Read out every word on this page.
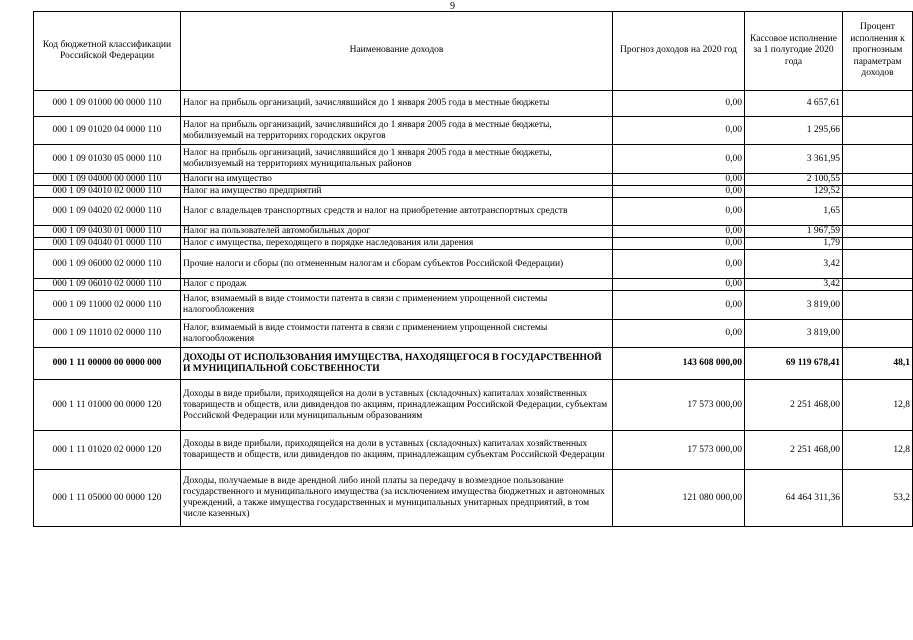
9
Код бюджетной классификации Российской Федерации	Наименование доходов	Прогноз доходов на 2020 год	Кассовое исполнение за 1 полугодие 2020 года	Процент исполнения к прогнозным параметрам доходов
000 1 09 01000 00 0000 110	Налог на прибыль организаций, зачислявшийся до 1 января 2005 года в местные бюджеты	0,00	4 657,61	
000 1 09 01020 04 0000 110	Налог на прибыль организаций, зачислявшийся до 1 января 2005 года в местные бюджеты, мобилизуемый на территориях городских округов	0,00	1 295,66	
000 1 09 01030 05 0000 110	Налог на прибыль организаций, зачислявшийся до 1 января 2005 года в местные бюджеты, мобилизуемый на территориях муниципальных районов	0,00	3 361,95	
000 1 09 04000 00 0000 110	Налоги на имущество	0,00	2 100,55	
000 1 09 04010 02 0000 110	Налог на имущество предприятий	0,00	129,52	
000 1 09 04020 02 0000 110	Налог с владельцев транспортных средств и налог на приобретение автотранспортных средств	0,00	1,65	
000 1 09 04030 01 0000 110	Налог на пользователей автомобильных дорог	0,00	1 967,59	
000 1 09 04040 01 0000 110	Налог с имущества, переходящего в порядке наследования или дарения	0,00	1,79	
000 1 09 06000 02 0000 110	Прочие налоги и сборы (по отмененным налогам и сборам субъектов Российской Федерации)	0,00	3,42	
000 1 09 06010 02 0000 110	Налог с продаж	0,00	3,42	
000 1 09 11000 02 0000 110	Налог, взимаемый в виде стоимости патента в связи с применением упрощенной системы налогообложения	0,00	3 819,00	
000 1 09 11010 02 0000 110	Налог, взимаемый в виде стоимости патента в связи с применением упрощенной системы налогообложения	0,00	3 819,00	
000 1 11 00000 00 0000 000	ДОХОДЫ ОТ ИСПОЛЬЗОВАНИЯ ИМУЩЕСТВА, НАХОДЯЩЕГОСЯ В ГОСУДАРСТВЕННОЙ И МУНИЦИПАЛЬНОЙ СОБСТВЕННОСТИ	143 608 000,00	69 119 678,41	48,1
000 1 11 01000 00 0000 120	Доходы в виде прибыли, приходящейся на доли в уставных (складочных) капиталах хозяйственных товариществ и обществ, или дивидендов по акциям, принадлежащим Российской Федерации, субъектам Российской Федерации или муниципальным образованиям	17 573 000,00	2 251 468,00	12,8
000 1 11 01020 02 0000 120	Доходы в виде прибыли, приходящейся на доли в уставных (складочных) капиталах хозяйственных товариществ и обществ, или дивидендов по акциям, принадлежащим субъектам Российской Федерации	17 573 000,00	2 251 468,00	12,8
000 1 11 05000 00 0000 120	Доходы, получаемые в виде арендной либо иной платы за передачу в возмездное пользование государственного и муниципального имущества (за исключением имущества бюджетных и автономных учреждений, а также имущества государственных и муниципальных унитарных предприятий, в том числе казенных)	121 080 000,00	64 464 311,36	53,2
